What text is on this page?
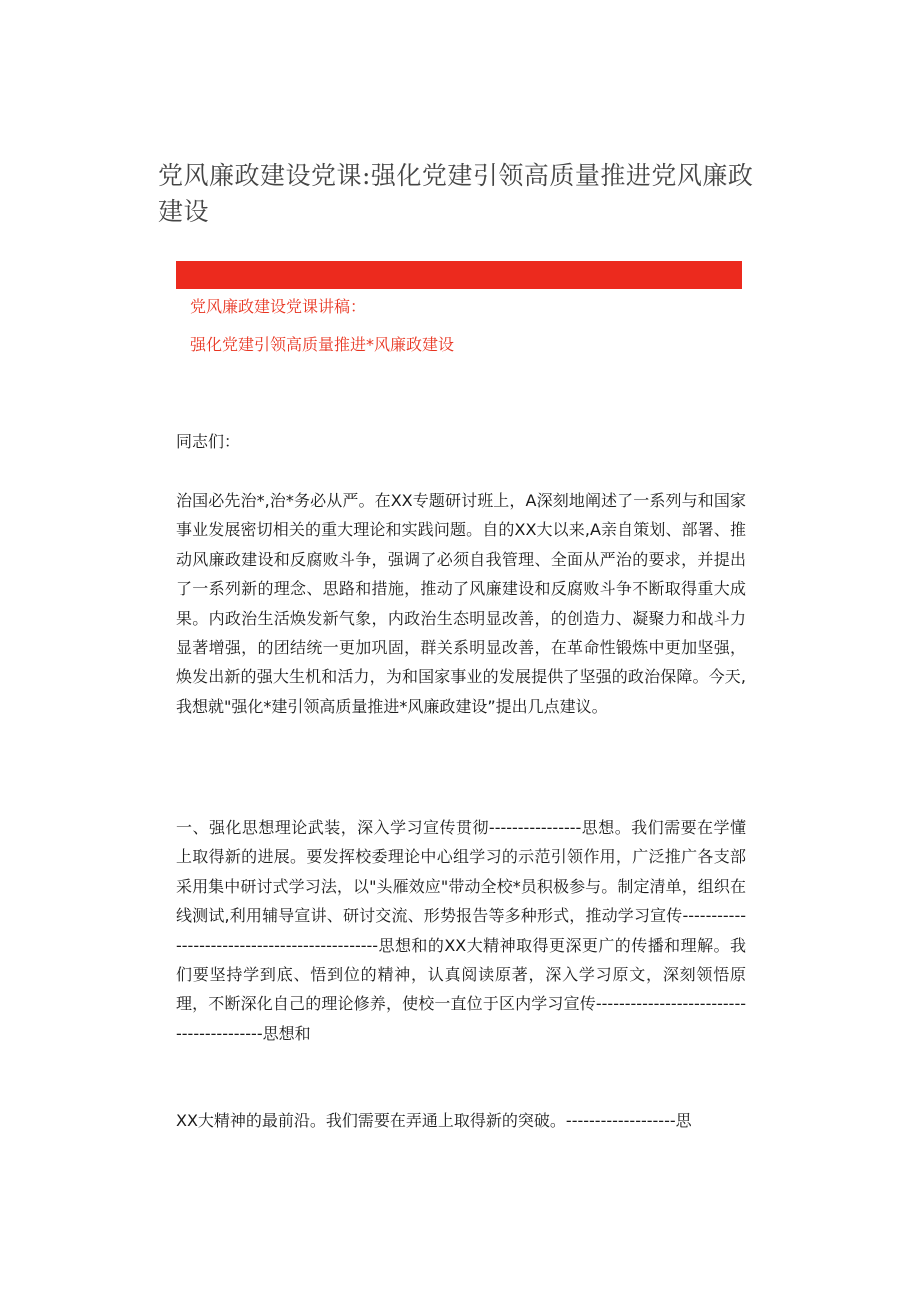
党风廉政建设党课:强化党建引领高质量推进党风廉政建设

党风廉政建设党课讲稿：

强化党建引领高质量推进*风廉政建设

同志们：

治国必先治*,治*务必从严。在XX专题研讨班上，A深刻地阐述了一系列与和国家事业发展密切相关的重大理论和实践问题。自的XX大以来,A亲自策划、部署、推动风廉政建设和反腐败斗争，强调了必须自我管理、全面从严治的要求，并提出了一系列新的理念、思路和措施，推动了风廉建设和反腐败斗争不断取得重大成果。内政治生活焕发新气象，内政治生态明显改善，的创造力、凝聚力和战斗力显著增强，的团结统一更加巩固，群关系明显改善，在革命性锻炼中更加坚强，焕发出新的强大生机和活力，为和国家事业的发展提供了坚强的政治保障。今天,我想就"强化*建引领高质量推进*风廉政建设”提出几点建议。

一、强化思想理论武装，深入学习宣传贯彻----------------思想。我们需要在学懂上取得新的进展。要发挥校委理论中心组学习的示范引领作用，广泛推广各支部采用集中研讨式学习法，以"头雁效应"带动全校*员积极参与。制定清单，组织在线测试,利用辅导宣讲、研讨交流、形势报告等多种形式，推动学习宣传----------------------------------------------思想和的XX大精神取得更深更广的传播和理解。我们要坚持学到底、悟到位的精神，认真阅读原著，深入学习原文，深刻领悟原理，不断深化自己的理论修养，使校一直位于区内学习宣传-----------------------------------------思想和

XX大精神的最前沿。我们需要在弄通上取得新的突破。-------------------思
